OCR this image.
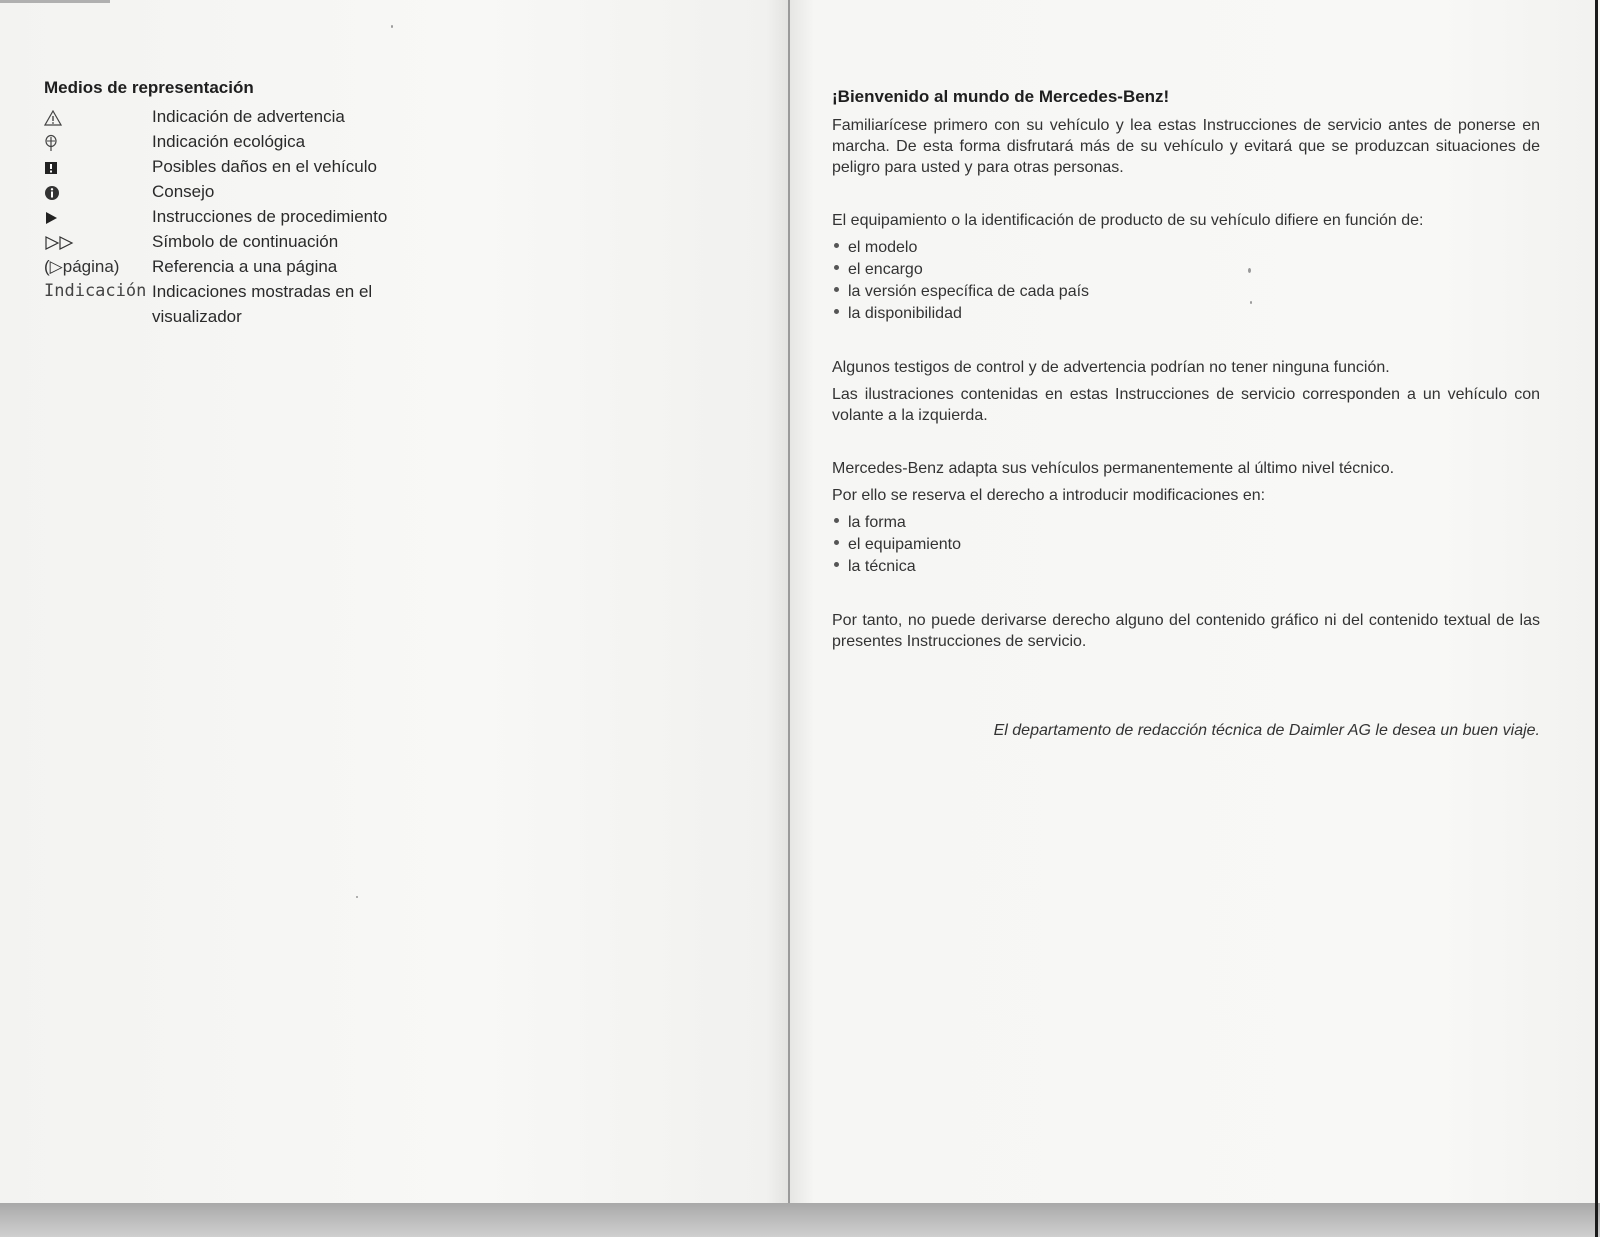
Medios de representación
Indicación de advertencia
Indicación ecológica
Posibles daños en el vehículo
Consejo
Instrucciones de procedimiento
Símbolo de continuación
(▷página)	Referencia a una página
Indicación Indicaciones mostradas en el visualizador
¡Bienvenido al mundo de Mercedes-Benz!

Familiarícese primero con su vehículo y lea estas Instrucciones de servicio antes de ponerse en marcha. De esta forma disfrutará más de su vehículo y evitará que se produzcan situaciones de peligro para usted y para otras personas.

El equipamiento o la identificación de producto de su vehículo difiere en función de:

el modelo
el encargo
la versión específica de cada país
la disponibilidad

Algunos testigos de control y de advertencia podrían no tener ninguna función.

Las ilustraciones contenidas en estas Instrucciones de servicio corresponden a un vehículo con volante a la izquierda.

Mercedes-Benz adapta sus vehículos permanentemente al último nivel técnico.

Por ello se reserva el derecho a introducir modificaciones en:

la forma
el equipamiento
la técnica

Por tanto, no puede derivarse derecho alguno del contenido gráfico ni del contenido textual de las presentes Instrucciones de servicio.

El departamento de redacción técnica de Daimler AG le desea un buen viaje.
